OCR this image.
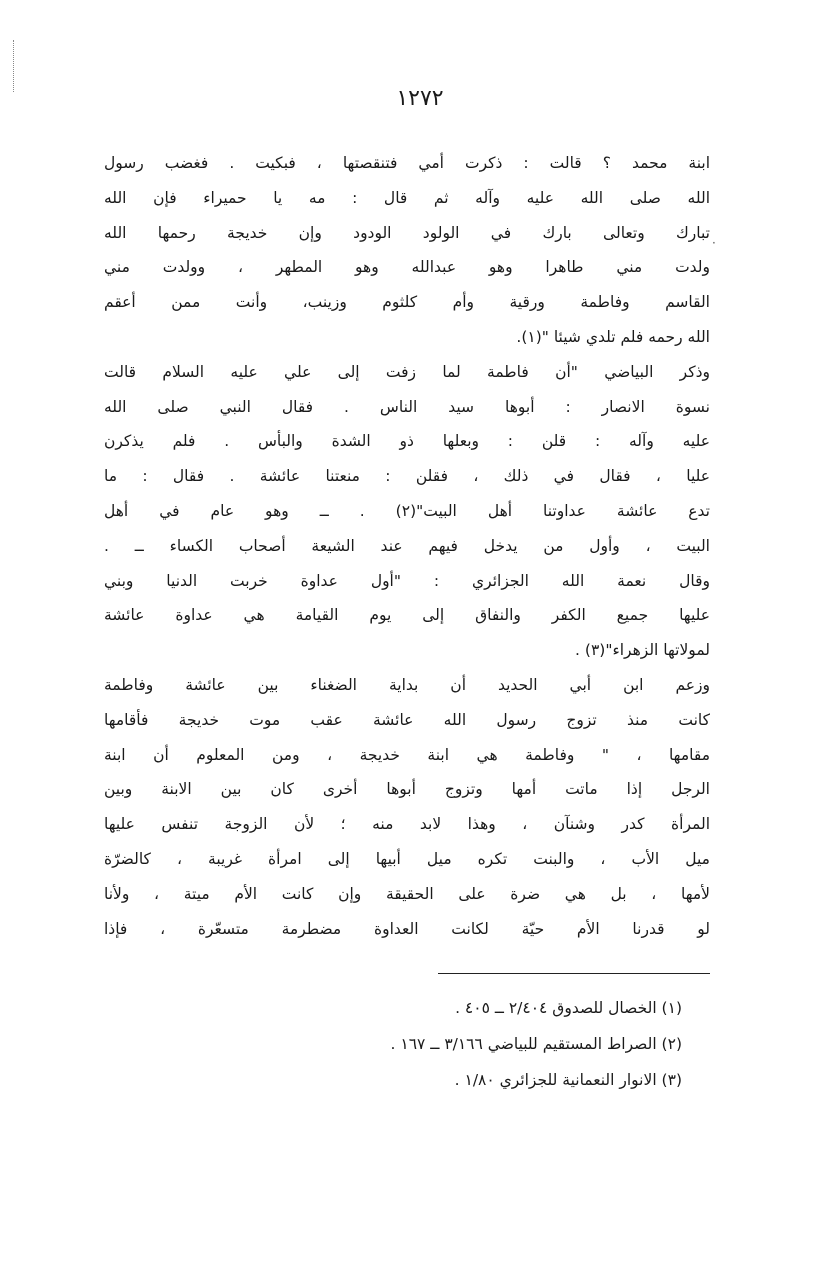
·
١٢٧٢
ابنة محمد ؟ قالت : ذكرت أمي فتنقصتها ، فبكيت . فغضب رسول
الله صلى الله عليه وآله ثم قال : مه يا حميراء فإن الله
تبارك وتعالى بارك في الولود الودود وإن خديجة رحمها الله
ولدت مني طاهرا وهو عبدالله وهو المطهر ، وولدت مني
القاسم وفاطمة ورقية وأم كلثوم وزينب، وأنت ممن أعقم
الله رحمه فلم تلدي شيئا "(١).
وذكر البياضي "أن فاطمة لما زفت إلى علي عليه السلام قالت
نسوة الانصار : أبوها سيد الناس . فقال النبي صلى الله
عليه وآله : قلن : وبعلها ذو الشدة والبأس . فلم يذكرن
عليا ، فقال في ذلك ، فقلن : منعتنا عائشة . فقال : ما
تدع عائشة عداوتنا أهل البيت"(٢) . ــ وهو عام في أهل
البيت ، وأول من يدخل فيهم عند الشيعة أصحاب الكساء ــ .
وقال نعمة الله الجزائري : "أول عداوة خربت الدنيا وبني
عليها جميع الكفر والنفاق إلى يوم القيامة هي عداوة عائشة
لمولاتها الزهراء"(٣) .
وزعم ابن أبي الحديد أن بداية الضغناء بين عائشة وفاطمة
كانت منذ تزوج رسول الله عائشة عقب موت خديجة فأقامها
مقامها ، " وفاطمة هي ابنة خديجة ، ومن المعلوم أن ابنة
الرجل إذا ماتت أمها وتزوج أبوها أخرى كان بين الابنة وبين
المرأة كدر وشنآن ، وهذا لابد منه ؛ لأن الزوجة تنفس عليها
ميل الأب ، والبنت تكره ميل أبيها إلى امرأة غريبة ، كالضرّة
لأمها ، بل هي ضرة على الحقيقة وإن كانت الأم ميتة ، ولأنا
لو قدرنا الأم حيّة لكانت العداوة مضطرمة متسعّرة ، فإذا
(١) الخصال للصدوق ٢/٤٠٤ ــ ٤٠٥ .
(٢) الصراط المستقيم للبياضي ٣/١٦٦ ــ ١٦٧ .
(٣) الانوار النعمانية للجزائري ١/٨٠ .
